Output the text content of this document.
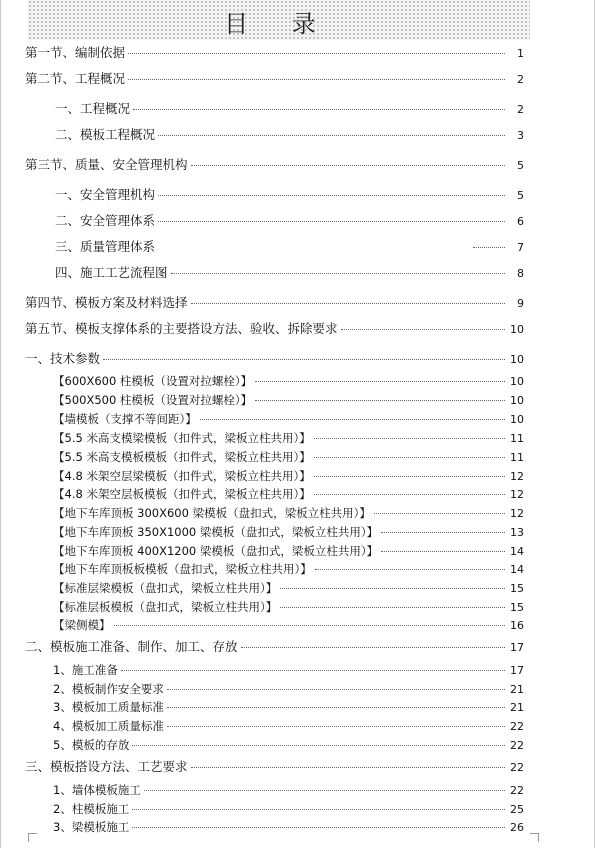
目 录
第一节、编制依据	1
第二节、工程概况	2
一、工程概况	2
二、模板工程概况	3
第三节、质量、安全管理机构	5
一、安全管理机构	5
二、安全管理体系	6
三、质量管理体系	7
四、施工工艺流程图	8
第四节、模板方案及材料选择	9
第五节、模板支撑体系的主要搭设方法、验收、拆除要求	10
一、技术参数	10
【600X600 柱模板（设置对拉螺栓）】	10
【500X500 柱模板（设置对拉螺栓）】	10
【墙模板（支撑不等间距）】	10
【5.5 米高支模梁模板（扣件式，梁板立柱共用）】	11
【5.5 米高支模板模板（扣件式，梁板立柱共用）】	11
【4.8 米架空层梁模板（扣件式，梁板立柱共用）】	12
【4.8 米架空层板模板（扣件式，梁板立柱共用）】	12
【地下车库顶板 300X600 梁模板（盘扣式，梁板立柱共用）】	12
【地下车库顶板 350X1000 梁模板（盘扣式，梁板立柱共用）】	13
【地下车库顶板 400X1200 梁模板（盘扣式，梁板立柱共用）】	14
【地下车库顶板板模板（盘扣式，梁板立柱共用）】	14
【标准层梁模板（盘扣式，梁板立柱共用）】	15
【标准层板模板（盘扣式，梁板立柱共用）】	15
【梁侧模】	16
二、模板施工准备、制作、加工、存放	17
1、施工准备	17
2、模板制作安全要求	21
3、模板加工质量标准	21
4、模板加工质量标准	22
5、模板的存放	22
三、模板搭设方法、工艺要求	22
1、墙体模板施工	22
2、柱模板施工	25
3、梁模板施工	26
